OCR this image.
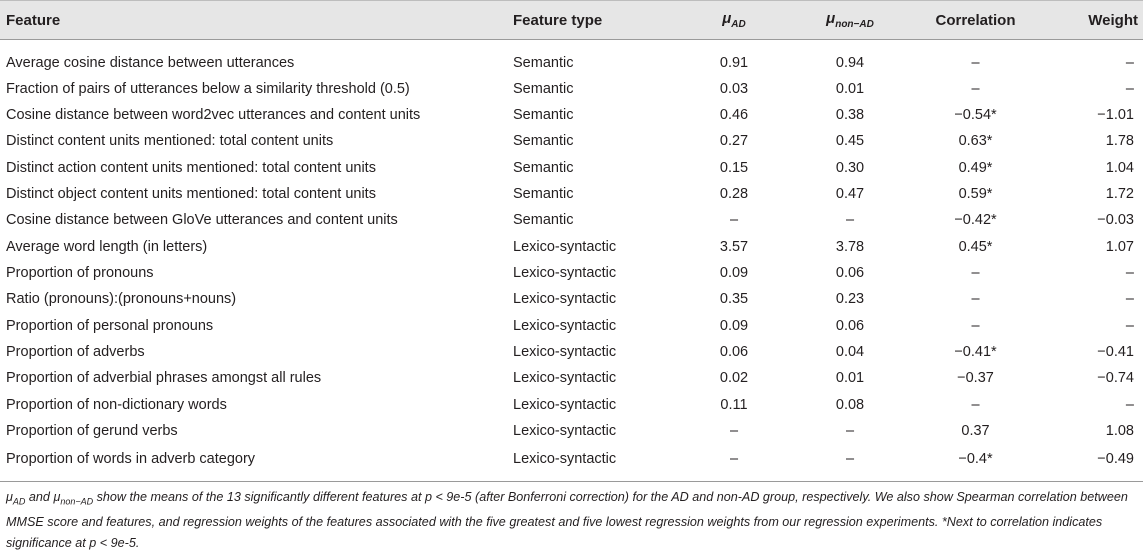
Feature	Feature type	$\mu_{AD}$	$\mu_{non-AD}$	Correlation	Weight
Average cosine distance between utterances	Semantic	0.91	0.94	–	–
Fraction of pairs of utterances below a similarity threshold (0.5)	Semantic	0.03	0.01	–	–
Cosine distance between word2vec utterances and content units	Semantic	0.46	0.38	−0.54*	−1.01
Distinct content units mentioned: total content units	Semantic	0.27	0.45	0.63*	1.78
Distinct action content units mentioned: total content units	Semantic	0.15	0.30	0.49*	1.04
Distinct object content units mentioned: total content units	Semantic	0.28	0.47	0.59*	1.72
Cosine distance between GloVe utterances and content units	Semantic	–	–	−0.42*	−0.03
Average word length (in letters)	Lexico-syntactic	3.57	3.78	0.45*	1.07
Proportion of pronouns	Lexico-syntactic	0.09	0.06	–	–
Ratio (pronouns):(pronouns+nouns)	Lexico-syntactic	0.35	0.23	–	–
Proportion of personal pronouns	Lexico-syntactic	0.09	0.06	–	–
Proportion of adverbs	Lexico-syntactic	0.06	0.04	−0.41*	−0.41
Proportion of adverbial phrases amongst all rules	Lexico-syntactic	0.02	0.01	−0.37	−0.74
Proportion of non-dictionary words	Lexico-syntactic	0.11	0.08	–	–
Proportion of gerund verbs	Lexico-syntactic	–	–	0.37	1.08
Proportion of words in adverb category	Lexico-syntactic	–	–	−0.4*	−0.49
$\mu_{AD}$ and $\mu_{non-AD}$ show the means of the 13 significantly different features at p < 9e-5 (after Bonferroni correction) for the AD and non-AD group, respectively. We also show Spearman correlation between MMSE score and features, and regression weights of the features associated with the five greatest and five lowest regression weights from our regression experiments. *Next to correlation indicates significance at p < 9e-5.
